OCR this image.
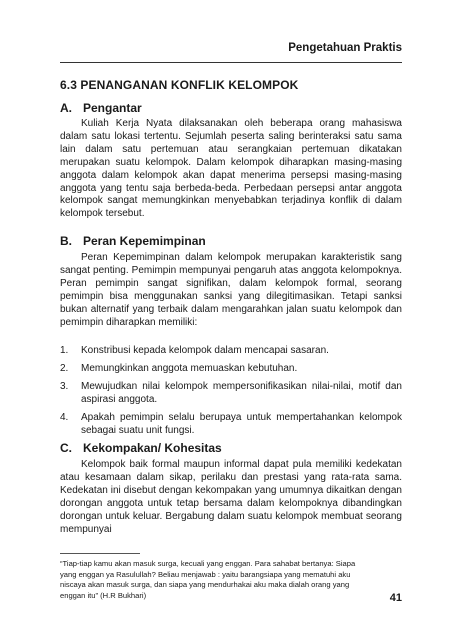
Pengetahuan Praktis
6.3 PENANGANAN KONFLIK KELOMPOK
A. Pengantar

Kuliah Kerja Nyata dilaksanakan oleh beberapa orang mahasiswa dalam satu lokasi tertentu. Sejumlah peserta saling berinteraksi satu sama lain dalam satu pertemuan atau serangkaian pertemuan dikatakan merupakan suatu kelompok. Dalam kelompok diharapkan masing-masing anggota dalam kelompok akan dapat menerima persepsi masing-masing anggota yang tentu saja berbeda-beda. Perbedaan persepsi antar anggota kelompok sangat memungkinkan menyebabkan terjadinya konflik di dalam kelompok tersebut.

B. Peran Kepemimpinan

Peran Kepemimpinan dalam kelompok merupakan karakteristik sang sangat penting. Pemimpin mempunyai pengaruh atas anggota kelompoknya. Peran pemimpin sangat signifikan, dalam kelompok formal, seorang pemimpin bisa menggunakan sanksi yang dilegitimasikan. Tetapi sanksi bukan alternatif yang terbaik dalam mengarahkan jalan suatu kelompok dan pemimpin diharapkan memiliki:

1. Konstribusi kepada kelompok dalam mencapai sasaran.
2. Memungkinkan anggota memuaskan kebutuhan.
3. Mewujudkan nilai kelompok mempersonifikasikan nilai-nilai, motif dan aspirasi anggota.
4. Apakah pemimpin selalu berupaya untuk mempertahankan kelompok sebagai suatu unit fungsi.
C. Kekompakan/ Kohesitas

Kelompok baik formal maupun informal dapat pula memiliki kedekatan atau kesamaan dalam sikap, perilaku dan prestasi yang rata-rata sama. Kedekatan ini disebut dengan kekompakan yang umumnya dikaitkan dengan dorongan anggota untuk tetap bersama dalam kelompoknya dibandingkan dorongan untuk keluar. Bergabung dalam suatu kelompok membuat seorang mempunyai

“Tiap-tiap kamu akan masuk surga, kecuali yang enggan. Para sahabat bertanya: Siapa yang enggan ya Rasulullah? Beliau menjawab : yaitu barangsiapa yang mematuhi aku niscaya akan masuk surga, dan siapa yang mendurhakai aku maka dialah orang yang enggan itu” (H.R Bukhari)	41
